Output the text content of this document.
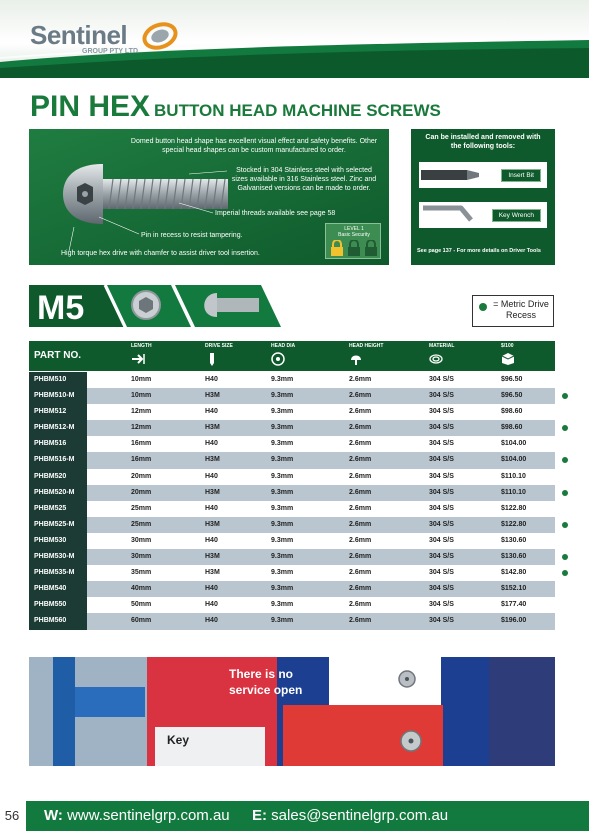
Sentinel
GROUP PTY LTD
PIN HEX BUTTON HEAD MACHINE SCREWS
Domed button head shape has excellent visual effect and safety benefits. Other special head shapes can be custom manufactured to order.
Stocked in 304 Stainless steel with selected sizes available in 316 Stainless steel. Zinc and Galvanised versions can be made to order.
Imperial threads available see page 58
Pin in recess to resist tampering.
High torque hex drive with chamfer to assist driver tool insertion.
LEVEL 1
Basic Security
Can be installed and removed with the following tools:
Insert Bit
Key Wrench
See page 137 - For more details on Driver Tools
M5	= Metric Drive Recess
PART NO.
LENGTH	DRIVE SIZE	HEAD DIA	HEAD HEIGHT	MATERIAL	$/100
PHBM510	10mm	H40	9.3mm	2.6mm	304 S/S	$96.50
PHBM510-M	10mm	H3M	9.3mm	2.6mm	304 S/S	$96.50
PHBM512	12mm	H40	9.3mm	2.6mm	304 S/S	$98.60
PHBM512-M	12mm	H3M	9.3mm	2.6mm	304 S/S	$98.60
PHBM516	16mm	H40	9.3mm	2.6mm	304 S/S	$104.00
PHBM516-M	16mm	H3M	9.3mm	2.6mm	304 S/S	$104.00
PHBM520	20mm	H40	9.3mm	2.6mm	304 S/S	$110.10
PHBM520-M	20mm	H3M	9.3mm	2.6mm	304 S/S	$110.10
PHBM525	25mm	H40	9.3mm	2.6mm	304 S/S	$122.80
PHBM525-M	25mm	H3M	9.3mm	2.6mm	304 S/S	$122.80
PHBM530	30mm	H40	9.3mm	2.6mm	304 S/S	$130.60
PHBM530-M	30mm	H3M	9.3mm	2.6mm	304 S/S	$130.60
PHBM535-M	35mm	H3M	9.3mm	2.6mm	304 S/S	$142.80
PHBM540	40mm	H40	9.3mm	2.6mm	304 S/S	$152.10
PHBM550	50mm	H40	9.3mm	2.6mm	304 S/S	$177.40
PHBM560	60mm	H40	9.3mm	2.6mm	304 S/S	$196.00
There is no
service open
Key
56	W: www.sentinelgrp.com.au E: sales@sentinelgrp.com.au
